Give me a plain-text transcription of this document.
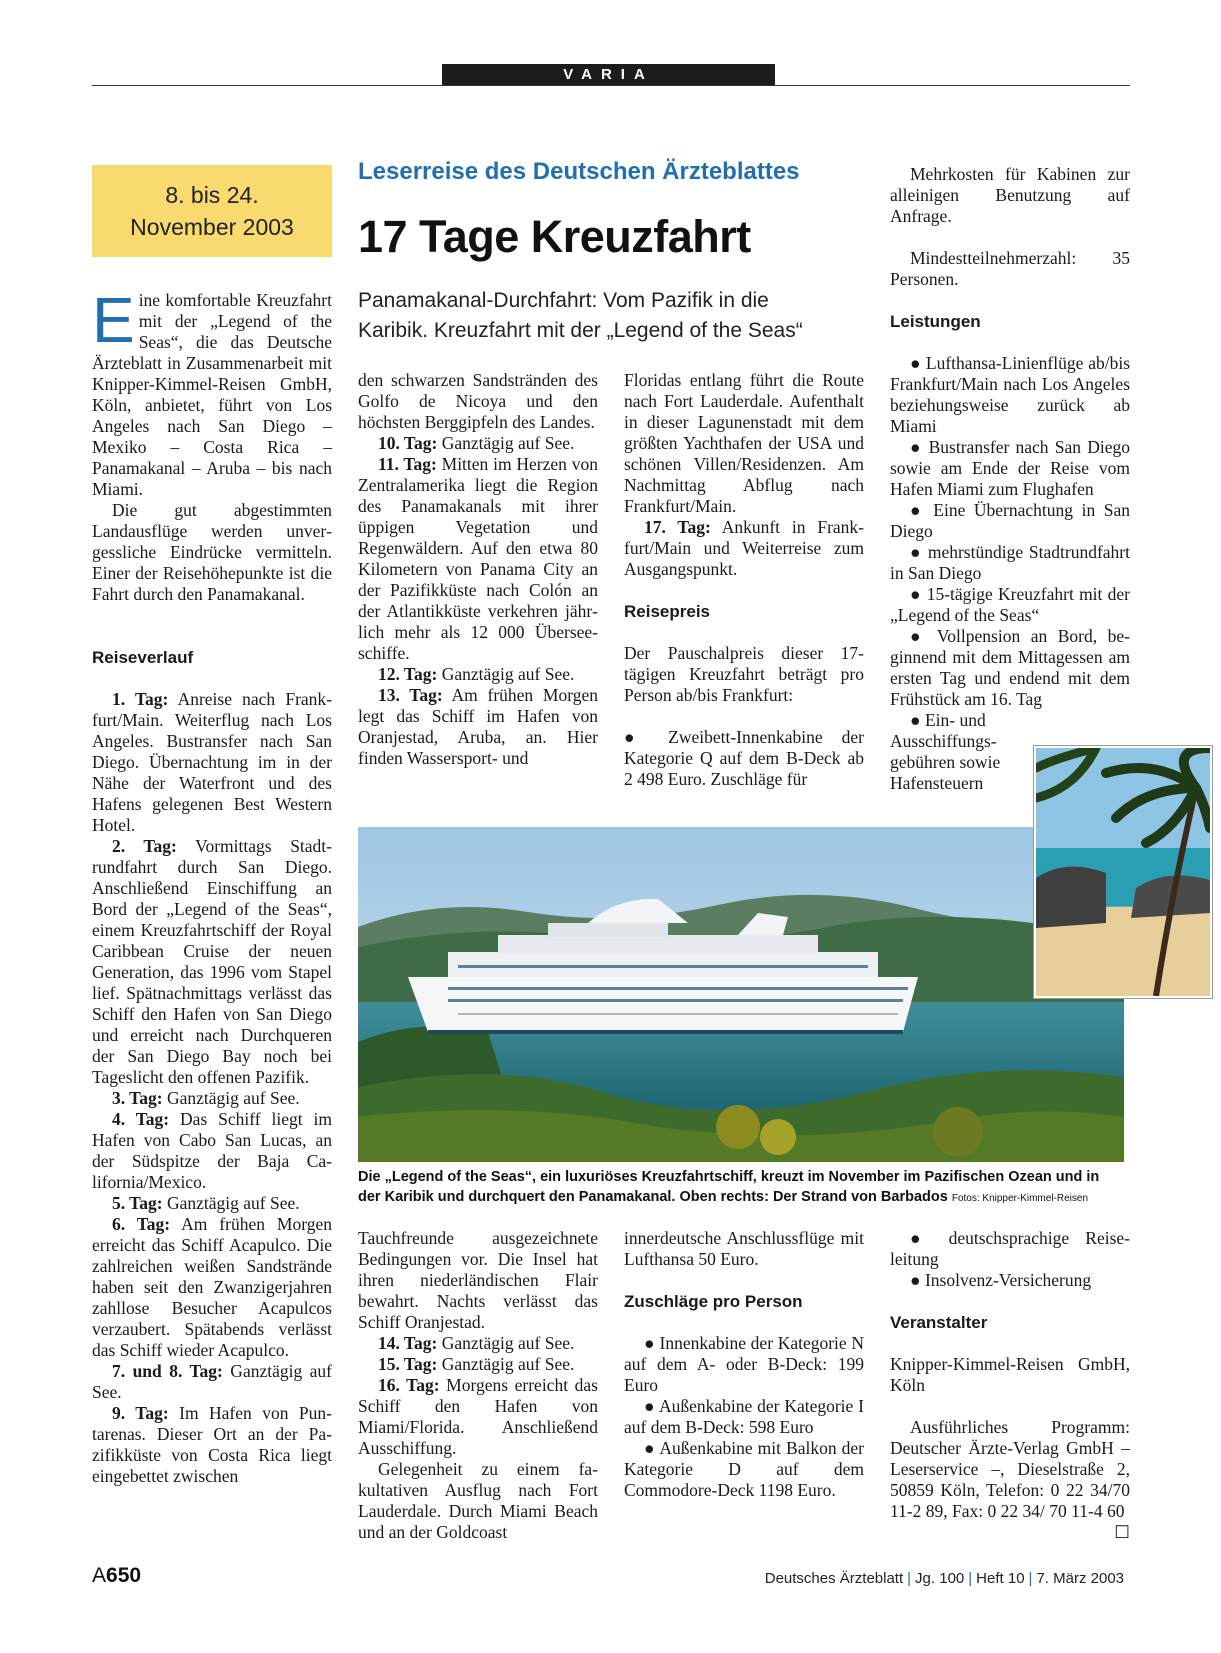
VARIA
8. bis 24.
November 2003
Leserreise des Deutschen Ärzteblattes
17 Tage Kreuzfahrt
Panamakanal-Durchfahrt: Vom Pazifik in die Karibik. Kreuzfahrt mit der „Legend of the Seas“

Eine komfortable Kreuzfahrt mit der „Legend of the Seas“, die das Deutsche Ärzteblatt in Zusammenarbeit mit Knipper-Kimmel-Reisen GmbH, Köln, anbietet, führt von Los Angeles nach San Diego – Mexiko – Costa Rica – Panamakanal – Aruba – bis nach Miami.

Die gut abgestimmten Landausflüge werden unvergessliche Eindrücke vermitteln. Einer der Reisehöhepunkte ist die Fahrt durch den Panamakanal.

Reiseverlauf

1. Tag: Anreise nach Frankfurt/Main. Weiterflug nach Los Angeles. Bustransfer nach San Diego. Übernachtung im in der Nähe der Waterfront und des Hafens gelegenen Best Western Hotel.

2. Tag: Vormittags Stadtrundfahrt durch San Diego. Anschließend Einschiffung an Bord der „Legend of the Seas“, einem Kreuzfahrtschiff der Royal Caribbean Cruise der neuen Generation, das 1996 vom Stapel lief. Spätnachmittags verlässt das Schiff den Hafen von San Diego und erreicht nach Durchqueren der San Diego Bay noch bei Tageslicht den offenen Pazifik.

3. Tag: Ganztägig auf See.

4. Tag: Das Schiff liegt im Hafen von Cabo San Lucas, an der Südspitze der Baja California/Mexico.

5. Tag: Ganztägig auf See.

6. Tag: Am frühen Morgen erreicht das Schiff Acapulco. Die zahlreichen weißen Sandstrände haben seit den Zwanzigerjahren zahllose Besucher Acapulcos verzaubert. Spätabends verlässt das Schiff wieder Acapulco.

7. und 8. Tag: Ganztägig auf See.

9. Tag: Im Hafen von Puntarenas. Dieser Ort an der Pazifikküste von Costa Rica liegt eingebettet zwischen

den schwarzen Sandstränden des Golfo de Nicoya und den höchsten Berggipfeln des Landes.

10. Tag: Ganztägig auf See.

11. Tag: Mitten im Herzen von Zentralamerika liegt die Region des Panamakanals mit ihrer üppigen Vegetation und Regenwäldern. Auf den etwa 80 Kilometern von Panama City an der Pazifikküste nach Colón an der Atlantikküste verkehren jährlich mehr als 12 000 Überseeschiffe.

12. Tag: Ganztägig auf See.

13. Tag: Am frühen Morgen legt das Schiff im Hafen von Oranjestad, Aruba, an. Hier finden Wassersport- und

Floridas entlang führt die Route nach Fort Lauderdale. Aufenthalt in dieser Lagunenstadt mit dem größten Yachthafen der USA und schönen Villen/Residenzen. Am Nachmittag Abflug nach Frankfurt/Main.

17. Tag: Ankunft in Frankfurt/Main und Weiterreise zum Ausgangspunkt.

Reisepreis

Der Pauschalpreis dieser 17-tägigen Kreuzfahrt beträgt pro Person ab/bis Frankfurt:

● Zweibett-Innenkabine der Kategorie Q auf dem B-Deck ab 2 498 Euro. Zuschläge für

Mehrkosten für Kabinen zur alleinigen Benutzung auf Anfrage.

Mindestteilnehmerzahl: 35 Personen.

Leistungen

● Lufthansa-Linienflüge ab/bis Frankfurt/Main nach Los Angeles beziehungsweise zurück ab Miami

● Bustransfer nach San Diego sowie am Ende der Reise vom Hafen Miami zum Flughafen

● Eine Übernachtung in San Diego

● mehrstündige Stadtrundfahrt in San Diego

● 15-tägige Kreuzfahrt mit der „Legend of the Seas“

● Vollpension an Bord, beginnend mit dem Mittagessen am ersten Tag und endend mit dem Frühstück am 16. Tag

● Ein- und Ausschiffungsgebühren sowie Hafensteuern

Die „Legend of the Seas“, ein luxuriöses Kreuzfahrtschiff, kreuzt im November im Pazifischen Ozean und in der Karibik und durchquert den Panamakanal. Oben rechts: Der Strand von Barbados Fotos: Knipper-Kimmel-Reisen

Tauchfreunde ausgezeichnete Bedingungen vor. Die Insel hat ihren niederländischen Flair bewahrt. Nachts verlässt das Schiff Oranjestad.

14. Tag: Ganztägig auf See.

15. Tag: Ganztägig auf See.

16. Tag: Morgens erreicht das Schiff den Hafen von Miami/Florida. Anschließend Ausschiffung.

Gelegenheit zu einem fakultativen Ausflug nach Fort Lauderdale. Durch Miami Beach und an der Goldcoast

innerdeutsche Anschlussflüge mit Lufthansa 50 Euro.

Zuschläge pro Person

● Innenkabine der Kategorie N auf dem A- oder B-Deck: 199 Euro

● Außenkabine der Kategorie I auf dem B-Deck: 598 Euro

● Außenkabine mit Balkon der Kategorie D auf dem Commodore-Deck 1198 Euro.

● deutschsprachige Reiseleitung

● Insolvenz-Versicherung

Veranstalter

Knipper-Kimmel-Reisen GmbH, Köln

Ausführliches Programm: Deutscher Ärzte-Verlag GmbH – Leserservice –, Dieselstraße 2, 50859 Köln, Telefon: 0 22 34/70 11-2 89, Fax: 0 22 34/ 70 11-4 60
☐

A650	Deutsches Ärzteblatt | Jg. 100 | Heft 10 | 7. März 2003
